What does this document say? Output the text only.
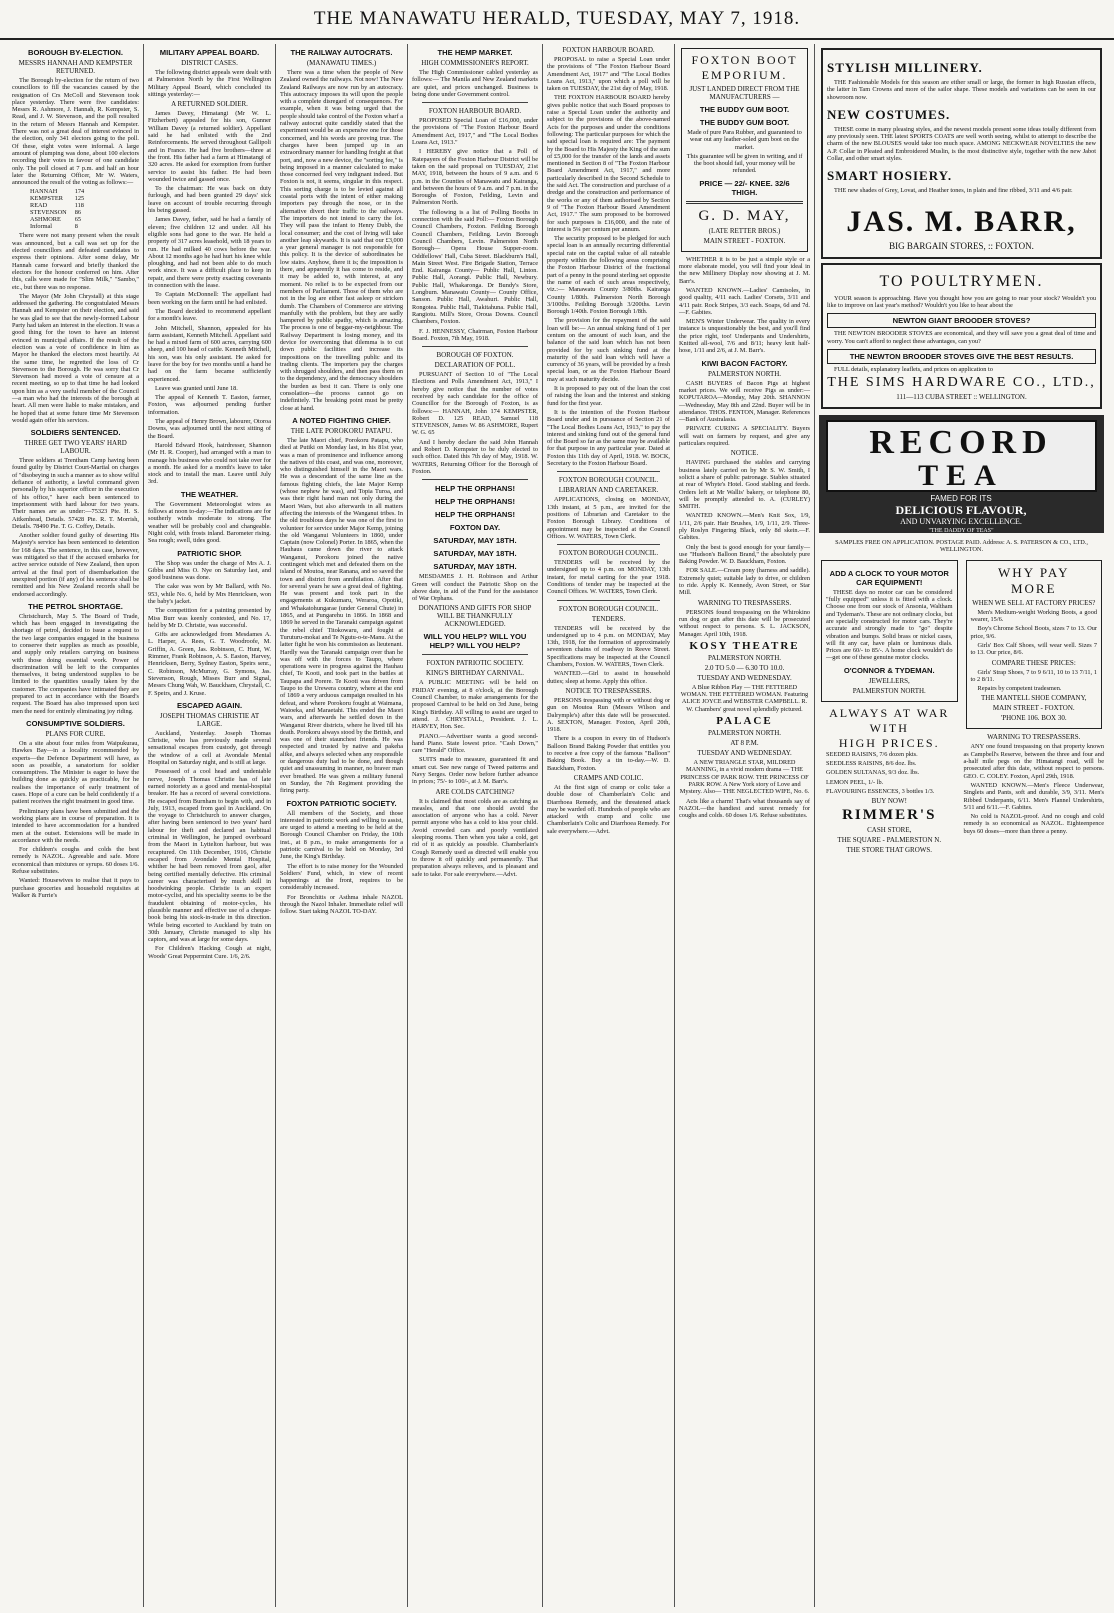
THE MANAWATU HERALD, TUESDAY, MAY 7, 1918.
BOROUGH BY-ELECTION.
MESSRS HANNAH AND KEMPSTER RETURNED.

The Borough by-election for the return of two councillors to fill the vacancies caused by the resignation of Crs McColl and Stevenson took place yesterday. There were five candidates: Messrs R. Ashmore, J. Hannah, R. Kempster, S. Read, and J. W. Stevenson, and the poll resulted in the return of Messrs Hannah and Kempster. There was not a great deal of interest evinced in the election, only 341 electors going to the poll. Of these, eight votes were informal. A large amount of plumping was done, about 100 electors recording their votes in favour of one candidate only. The poll closed at 7 p.m. and half an hour later the Returning Officer, Mr W. Waters, announced the result of the voting as follows:—

HANNAH	174
KEMPSTER	125
READ	118
STEVENSON	86
ASHMORE	65
Informal	8

There were not many present when the result was announced, but a call was set up for the elected councillors and defeated candidates to express their opinions. After some delay, Mr Hannah came forward and briefly thanked the electors for the honour conferred on him. After this, calls were made for "Slim Milk," "Sambo," etc., but there was no response.

The Mayor (Mr John Chrystall) at this stage addressed the gathering. He congratulated Messrs Hannah and Kempster on their election, and said he was glad to see that the newly-formed Labour Party had taken an interest in the election. It was a good thing for the town to have an interest evinced in municipal affairs. If the result of the election was a vote of confidence in him as Mayor he thanked the electors most heartily. At the same time, he regretted the loss of Cr Stevenson to the Borough. He was sorry that Cr Stevenson had moved a vote of censure at a recent meeting, so up to that time he had looked upon him as a very useful member of the Council—a man who had the interests of the borough at heart. All men were liable to make mistakes, and he hoped that at some future time Mr Stevenson would again offer his services.

SOLDIERS SENTENCED.
THREE GET TWO YEARS' HARD LABOUR.

Three soldiers at Trentham Camp having been found guilty by District Court-Martial on charges of "disobeying in such a manner as to show wilful defiance of authority, a lawful command given personally by his superior officer in the execution of his office," have each been sentenced to imprisonment with hard labour for two years. Their names are as under:—75323 Pte. H. S. Aitkenhead, Details. 57428 Pte. R. T. Morrish, Details. 78490 Pte. T. G. Coffey, Details.

Another soldier found guilty of deserting His Majesty's service has been sentenced to detention for 168 days. The sentence, in this case, however, was mitigated so that if the accused embarks for active service outside of New Zealand, then upon arrival at the final port of disembarkation the unexpired portion (if any) of his sentence shall be remitted and his New Zealand records shall be endorsed accordingly.

THE PETROL SHORTAGE.

Christchurch, May 5. The Board of Trade, which has been engaged in investigating the shortage of petrol, decided to issue a request to the two large companies engaged in the business to conserve their supplies as much as possible, and supply only retailers carrying on business with those doing essential work. Power of discrimination will be left to the companies themselves, it being understood supplies to be limited to the quantities usually taken by the customer. The companies have intimated they are prepared to act in accordance with the Board's request. The Board has also impressed upon taxi men the need for entirely eliminating joy riding.

CONSUMPTIVE SOLDIERS.
PLANS FOR CURE.

On a site about four miles from Waipukurau, Hawkes Bay—in a locality recommended by experts—the Defence Department will have, as soon as possible, a sanatorium for soldier consumptives. The Minister is eager to have the building done as quickly as practicable, for he realises the importance of early treatment of cases. Hope of a cure can be held confidently if a patient receives the right treatment in good time.

Preliminary plans have been submitted and the working plans are in course of preparation. It is intended to have accommodation for a hundred men at the outset. Extensions will be made in accordance with the needs.

For children's coughs and colds the best remedy is NAZOL. Agreeable and safe. More economical than mixtures or syrups. 60 doses 1/6. Refuse substitutes.

Wanted: Housewives to realise that it pays to purchase groceries and household requisites at Walker & Furrie's

MILITARY APPEAL BOARD.
DISTRICT CASES.

The following district appeals were dealt with at Palmerston North by the First Wellington Military Appeal Board, which concluded its sittings yesterday:—

A RETURNED SOLDIER.

James Davey, Himatangi (Mr W. L. Fitzherbert) appealed for his son, Gunner William Davey (a returned soldier). Appellant said he had enlisted with the 2nd Reinforcements. He served throughout Gallipoli and in France. He had five brothers—three at the front. His father had a farm at Himatangi of 320 acres. He asked for exemption from further service to assist his father. He had been wounded twice and gassed once.

To the chairman: He was back on duty furlough, and had been granted 29 days' sick leave on account of trouble recurring through his being gassed.

James Davey, father, said he had a family of eleven; five children 12 and under. All his eligible sons had gone to the war. He held a property of 317 acres leasehold, with 18 years to run. He had milked 40 cows before the war. About 12 months ago he had hurt his knee while ploughing, and had not been able to do much work since. It was a difficult place to keep in repair, and there were pretty exacting covenants in connection with the lease.

To Captain McDonnell: The appellant had been working on the farm until he had enlisted.

The Board decided to recommend appellant for a month's leave.

John Mitchell, Shannon, appealed for his farm assistant, Kenneth Mitchell. Appellant said he had a mixed farm of 600 acres, carrying 600 sheep, and 100 head of cattle. Kenneth Mitchell, his son, was his only assistant. He asked for leave for the boy for two months until a hand he had on the farm became sufficiently experienced.

Leave was granted until June 18.

The appeal of Kenneth T. Easton, farmer, Foxton, was adjourned pending further information.

The appeal of Henry Brown, labourer, Otoroa Downs, was adjourned until the next sitting of the Board.

Harold Edward Hook, hairdresser, Shannon (Mr H. R. Cooper), had arranged with a man to manage his business who could not take over for a month. He asked for a month's leave to take stock and to install the man. Leave until July 3rd.

THE WEATHER.

The Government Meteorologist wires as follows at noon to-day:—The indications are for southerly winds moderate to strong. The weather will be probably cool and changeable. Night cold, with frosts inland. Barometer rising. Sea rough; swell, tides good.

PATRIOTIC SHOP.

The Shop was under the charge of Mrs A. J. Gibbs and Miss O. Nye on Saturday last, and good business was done.

The cake was won by Mr Ballard, with No. 953, while No. 6, held by Mrs Henricksen, won the baby's jacket.

The competition for a painting presented by Miss Burr was keenly contested, and No. 17, held by Mr D. Christie, was successful.

Gifts are acknowledged from Mesdames A. L. Harper, A. Rees, G. T. Woodroofe, M. Griffin, A. Green, Jas. Robinson, C. Hunt, W. Rimmer, Frank Robinson, A. S. Easton, Harvey, Henricksen, Berry, Sydney Easton, Speirs senr., C. Robinson, McMurray, G. Symons, Jas. Stevenson, Rough, Misses Burr and Signal, Messrs Chung Wah, W. Bauckham, Chrystall, C. F. Speirs, and J. Kruse.

ESCAPED AGAIN.
JOSEPH THOMAS CHRISTIE AT LARGE.

Auckland, Yesterday. Joseph Thomas Christie, who has previously made several sensational escapes from custody, got through the window of a cell at Avondale Mental Hospital on Saturday night, and is still at large.

Possessed of a cool head and undeniable nerve, Joseph Thomas Christie has of late earned notoriety as a good and mental-hospital breaker. He has a record of several convictions. He escaped from Burnham to begin with, and in July, 1913, escaped from gaol in Auckland. On the voyage to Christchurch to answer charges, after having been sentenced to two years' hard labour for theft and declared an habitual criminal in Wellington, he jumped overboard from the Maori in Lyttelton harbour, but was recaptured. On 11th December, 1916, Christie escaped from Avondale Mental Hospital, whither he had been removed from gaol, after being certified mentally defective. His criminal career was characterised by much skill in hoodwinking people. Christie is an expert motor-cyclist, and his speciality seems to be the fraudulent obtaining of motor-cycles, his plausible manner and effective use of a cheque-book being his stock-in-trade in this direction. While being escorted to Auckland by train on 30th January, Christie managed to slip his captors, and was at large for some days.

For Children's Hacking Cough at night, Woods' Great Peppermint Cure. 1/6, 2/6.

THE RAILWAY AUTOCRATS.
(MANAWATU TIMES.)

There was a time when the people of New Zealand owned the railways. Not now! The New Zealand Railways are now run by an autocracy. This autocracy imposes its will upon the people with a complete disregard of consequences. For example, when it was being urged that the people should take control of the Foxton wharf a railway autocrat quite candidly stated that the experiment would be an expensive one for those concerned, and his words are proving true. The charges have been jumped up in an extraordinary manner for handling freight at that port, and, now a new device, the "sorting fee," is being imposed in a manner calculated to make those concerned feel very indignant indeed. But Foxton is not, it seems, singular in this respect. This sorting charge is to be levied against all coastal ports with the intent of either making importers pay through the nose, or in the alternative divert their traffic to the railways. The importers do not intend to carry the lot. They will pass the infant to Henry Dubb, the local consumer; and the cost of living will take another leap skywards. It is said that our £3,000 a year general manager is not responsible for this policy. It is the device of subordinates he low stairs. Anyhow, there it is; the imposition is there, and apparently it has come to reside, and it may be added to, with interest, at any moment. No relief is to be expected from our members of Parliament. Those of them who are not in the log are either fast asleep or stricken dumb. The Chambers of Commerce are striving manfully with the problem, but they are sadly hampered by public apathy, which is amazing. The process is one of beggar-my-neighbour. The Railway Department is losing money, and its device for overcoming that dilemma is to cut down public facilities and increase its impositions on the travelling public and its trading clients. The importers pay the charges with shrugged shoulders, and then pass them on to the dependency, and the democracy shoulders the burden as best it can. There is only one consolation—the process cannot go on indefinitely. The breaking point must be pretty close at hand.

A NOTED FIGHTING CHIEF.
THE LATE POROKORU PATAPU.

The late Maori chief, Porokoru Patapu, who died at Putiki on Monday last, in his 81st year, was a man of prominence and influence among the natives of this coast, and was one, moreover, who distinguished himself in the Maori wars. He was a descendant of the same line as the famous fighting chiefs, the late Major Kemp (whose nephew he was), and Topia Turoa, and was their right hand man not only during the Maori Wars, but also afterwards in all matters affecting the interests of the Wanganui tribes. In the old troublous days he was one of the first to volunteer for service under Major Kemp, joining the old Wanganui Volunteers in 1860, under Captain (now Colonel) Porter. In 1865, when the Hauhaus came down the river to attack Wanganui, Porokoru joined the native contingent which met and defeated them on the island of Moutoa, near Ranana, and so saved the town and district from annihilation. After that for several years he saw a great deal of fighting. He was present and took part in the engagements at Kukumaru, Weraroa, Opotiki, and Whakatohungarae (under General Chute) in 1865, and at Pungarehu in 1866. In 1868 and 1869 he served in the Taranaki campaign against the rebel chief Titokowaru, and fought at Turuturu-mokai and Te Ngutu-o-te-Manu. At the latter fight he won his commission as lieutenant. Hardly was the Taranaki campaign over than he was off with the forces to Taupo, where operations were in progress against the Hauhau chief, Te Kooti, and took part in the battles at Taupapa and Porere. Te Kooti was driven from Taupo to the Urewera country, where at the end of 1869 a very arduous campaign resulted in his defeat, and where Porokoru fought at Waimana, Waioeka, and Maraetahi. This ended the Maori wars, and afterwards he settled down in the Wanganui River districts, where he lived till his death. Porokoru always stood by the British, and was one of their staunchest friends. He was respected and trusted by native and pakeha alike, and always selected when any responsible or dangerous duty had to be done, and though quiet and unassuming in manner, no braver man ever breathed. He was given a military funeral on Sunday, the 7th Regiment providing the firing party.

FOXTON PATRIOTIC SOCIETY.

All members of the Society, and those interested in patriotic work and willing to assist, are urged to attend a meeting to be held at the Borough Council Chamber on Friday, the 10th inst., at 8 p.m., to make arrangements for a patriotic carnival to be held on Monday, 3rd June, the King's Birthday.

The effort is to raise money for the Wounded Soldiers' Fund, which, in view of recent happenings at the front, requires to be considerably increased.

For Bronchitis or Asthma inhale NAZOL through the Nazol Inhaler. Immediate relief will follow. Start taking NAZOL TO-DAY.

THE HEMP MARKET.
HIGH COMMISSIONER'S REPORT.

The High Commissioner cabled yesterday as follows:— The Manila and New Zealand markets are quiet, and prices unchanged. Business is being done under Government control.

FOXTON HARBOUR BOARD.

PROPOSED Special Loan of £16,000, under the provisions of "The Foxton Harbour Board Amendment Act, 1917," and "The Local Bodies Loans Act, 1913."

I HEREBY give notice that a Poll of Ratepayers of the Foxton Harbour District will be taken on the said proposal on TUESDAY, 21st MAY, 1918, between the hours of 9 a.m. and 6 p.m. in the Counties of Manawatu and Kairanga, and between the hours of 9 a.m. and 7 p.m. in the Boroughs of Foxton, Feilding, Levin and Palmerston North.

The following is a list of Polling Booths in connection with the said Poll:— Foxton Borough Council Chambers, Foxton. Feilding Borough Council Chambers, Feilding. Levin Borough Council Chambers, Levin. Palmerston North Borough— Opera House Supper-room. Oddfellows' Hall, Cuba Street. Blackburn's Hall, Main Street West. Fire Brigade Station, Terrace End. Kairanga County— Public Hall, Linton. Public Hall, Aorangi. Public Hall, Newbury. Public Hall, Whakaronga. Dr Bundy's Store, Longburn. Manawatu County— County Office, Sanson. Public Hall, Awahuri. Public Hall, Rongotea. Public Hall, Tiakitahuna. Public Hall, Rangiotu. Mill's Store, Oroua Downs. Council Chambers, Foxton.

F. J. HENNESSY, Chairman, Foxton Harbour Board. Foxton, 7th May, 1918.

BOROUGH OF FOXTON.
DECLARATION OF POLL.

PURSUANT of Section 10 of "The Local Elections and Polls Amendment Act, 1913," I hereby give notice that the number of votes received by each candidate for the office of Councillor for the Borough of Foxton, is as follows:— HANNAH, John 174 KEMPSTER, Robert D. 125 READ, Samuel 118 STEVENSON, James W. 86 ASHMORE, Rupert W. G. 65

And I hereby declare the said John Hannah and Robert D. Kempster to be duly elected to such office. Dated this 7th day of May, 1918. W. WATERS, Returning Officer for the Borough of Foxton.

HELP THE ORPHANS!
HELP THE ORPHANS!
HELP THE ORPHANS!
FOXTON DAY.
SATURDAY, MAY 18TH.
SATURDAY, MAY 18TH.
SATURDAY, MAY 18TH.

MESDAMES J. H. Robinson and Arthur Green will conduct the Patriotic Shop on the above date, in aid of the Fund for the assistance of War Orphans.

DONATIONS AND GIFTS FOR SHOP WILL BE THANKFULLY ACKNOWLEDGED.
WILL YOU HELP? WILL YOU HELP? WILL YOU HELP?
FOXTON PATRIOTIC SOCIETY.
KING'S BIRTHDAY CARNIVAL.

A PUBLIC MEETING will be held on FRIDAY evening, at 8 o'clock, at the Borough Council Chamber, to make arrangements for the proposed Carnival to be held on 3rd June, being King's Birthday. All willing to assist are urged to attend. J. CHRYSTALL, President. J. L. HARVEY, Hon. Sec.

PIANO.—Advertiser wants a good second-hand Piano. State lowest price. "Cash Down," care "Herald" Office.

SUITS made to measure, guaranteed fit and smart cut. See new range of Tweed patterns and Navy Serges. Order now before further advance in prices; 75/- to 100/-, at J. M. Barr's.

ARE COLDS CATCHING?

It is claimed that most colds are as catching as measles, and that one should avoid the association of anyone who has a cold. Never permit anyone who has a cold to kiss your child. Avoid crowded cars and poorly ventilated sleeping rooms. Then when you take a cold, get rid of it as quickly as possible. Chamberlain's Cough Remedy used as directed will enable you to throw it off quickly and permanently. That preparation always relieves, and is pleasant and safe to take. For sale everywhere.—Advt.

FOXTON HARBOUR BOARD.

PROPOSAL to raise a Special Loan under the provisions of "The Foxton Harbour Board Amendment Act, 1917" and "The Local Bodies Loans Act, 1913," upon which a poll will be taken on TUESDAY, the 21st day of May, 1918.

THE FOXTON HARBOUR BOARD hereby gives public notice that such Board proposes to raise a Special Loan under the authority and subject to the provisions of the above-named Acts for the purposes and under the conditions following: The particular purposes for which the said special loan is required are: The payment by the Board to His Majesty the King of the sum of £5,000 for the transfer of the lands and assets mentioned in Section 8 of "The Foxton Harbour Board Amendment Act, 1917," and more particularly described in the Second Schedule to the said Act. The construction and purchase of a dredge and the construction and performance of the works or any of them authorised by Section 9 of "The Foxton Harbour Board Amendment Act, 1917." The sum proposed to be borrowed for such purposes is £16,000, and the rate of interest is 5¼ per centum per annum.

The security proposed to be pledged for such special loan is an annually recurring differential special rate on the capital value of all rateable property within the following areas comprising the Foxton Harbour District of the fractional part of a penny in the pound sterling set opposite the name of each of such areas respectively, viz.:— Manawatu County 3/80ths. Kairanga County 1/80th. Palmerston North Borough 3/100ths. Feilding Borough 3/200ths. Levin Borough 1/40th. Foxton Borough 1/8th.

The provision for the repayment of the said loan will be:— An annual sinking fund of 1 per centum on the amount of such loan, and the balance of the said loan which has not been provided for by such sinking fund at the maturity of the said loan which will have a currency of 36 years, will be provided by a fresh special loan, or as the Foxton Harbour Board may at such maturity decide.

It is proposed to pay out of the loan the cost of raising the loan and the interest and sinking fund for the first year.

It is the intention of the Foxton Harbour Board under and in pursuance of Section 21 of "The Local Bodies Loans Act, 1913," to pay the interest and sinking fund out of the general fund of the Board so far as the same may be available for that purpose in any particular year. Dated at Foxton this 11th day of April, 1918. W. BOCK, Secretary to the Foxton Harbour Board.

FOXTON BOROUGH COUNCIL.
LIBRARIAN AND CARETAKER.

APPLICATIONS, closing on MONDAY, 13th instant, at 5 p.m., are invited for the positions of Librarian and Caretaker to the Foxton Borough Library. Conditions of appointment may be inspected at the Council Offices. W. WATERS, Town Clerk.

FOXTON BOROUGH COUNCIL.

TENDERS will be received by the undersigned up to 4 p.m. on MONDAY, 13th instant, for metal carting for the year 1918. Conditions of tender may be inspected at the Council Offices. W. WATERS, Town Clerk.

FOXTON BOROUGH COUNCIL.
TENDERS.

TENDERS will be received by the undersigned up to 4 p.m. on MONDAY, May 13th, 1918, for the formation of approximately seventeen chains of roadway in Reeve Street. Specifications may be inspected at the Council Chambers, Foxton. W. WATERS, Town Clerk.

WANTED.—Girl to assist in household duties; sleep at home. Apply this office.

NOTICE TO TRESPASSERS.

PERSONS trespassing with or without dog or gun on Moutoa Run (Messrs Wilson and Dalrymple's) after this date will be prosecuted. A. SEXTON, Manager. Foxton, April 20th, 1918.

There is a coupon in every tin of Hudson's Balloon Brand Baking Powder that entitles you to receive a free copy of the famous "Balloon" Baking Book. Buy a tin to-day.—W. D. Bauckham, Foxton.

CRAMPS AND COLIC.

At the first sign of cramp or colic take a double dose of Chamberlain's Colic and Diarrhoea Remedy, and the threatened attack may be warded off. Hundreds of people who are attacked with cramp and colic use Chamberlain's Colic and Diarrhoea Remedy. For sale everywhere.—Advt.

FOXTON BOOT
EMPORIUM.
JUST LANDED DIRECT FROM THE MANUFACTURERS —
THE BUDDY GUM BOOT.
THE BUDDY GUM BOOT.

Made of pure Para Rubber, and guaranteed to wear out any leather-soled gum boot on the market.

This guarantee will be given in writing, and if the boot should fail, your money will be refunded.

PRICE — 22/- KNEE. 32/6 THIGH.
G. D. MAY,
(LATE RETTER BROS.)
MAIN STREET - FOXTON.

WHETHER it is to be just a simple style or a more elaborate model, you will find your ideal in the new Millinery Display now showing at J. M. Barr's.

WANTED KNOWN.—Ladies' Camisoles, in good quality, 4/11 each. Ladies' Corsets, 3/11 and 4/11 pair. Rock Stripes, 3/3 each. Soaps, 6d and 7d.—F. Gabites.

MEN'S Winter Underwear. The quality in every instance is unquestionably the best, and you'll find the price right, too! Underpants and Undershirts, Knitted all-wool, 7/6 and 8/11; heavy knit half-hose, 1/11 and 2/6, at J. M. Barr's.

KIWI BACON FACTORY.
PALMERSTON NORTH.

CASH BUYERS of Bacon Pigs at highest market prices. We will receive Pigs as under:— KOPUTAROA—Monday, May 20th. SHANNON—Wednesday, May 8th and 22nd. Buyer will be in attendance. THOS. FENTON, Manager. References—Bank of Australasia.

PRIVATE CURING A SPECIALITY. Buyers will wait on farmers by request, and give any particulars required.

NOTICE.

HAVING purchased the stables and carrying business lately carried on by Mr S. W. Smith, I solicit a share of public patronage. Stables situated at rear of Whyte's Hotel. Good stabling and feeds. Orders left at Mr Wallis' bakery, or telephone 80, will be promptly attended to. A. (CURLEY) SMITH.

WANTED KNOWN.—Men's Knit Sox, 1/9, 1/11, 2/6 pair. Hair Brushes, 1/9, 1/11, 2/9. Three-ply Roslyn Fingering Black, only 8d skein.—F. Gabites.

Only the best is good enough for your family—use "Hudson's Balloon Brand," the absolutely pure Baking Powder. W. D. Bauckham, Foxton.

FOR SALE.—Cream pony (harness and saddle). Extremely quiet; suitable lady to drive, or children to ride. Apply K. Kennedy, Avon Street, or Star Mill.

WARNING TO TRESPASSERS.

PERSONS found trespassing on the Whirokino run dog or gun after this date will be prosecuted without respect to persons. S. L. JACKSON, Manager. April 10th, 1918.

KOSY THEATRE
PALMERSTON NORTH.
2.0 TO 5.0 — 6.30 TO 10.0.
TUESDAY AND WEDNESDAY.

A Blue Ribbon Play — THE FETTERED WOMAN. THE FETTERED WOMAN. Featuring ALICE JOYCE and WEBSTER CAMPBELL. R. W. Chambers' great novel splendidly pictured.

PALACE
PALMERSTON NORTH.
AT 8 P.M.
TUESDAY AND WEDNESDAY.

A NEW TRIANGLE STAR, MILDRED MANNING, in a vivid modern drama — THE PRINCESS OF PARK ROW. THE PRINCESS OF PARK ROW. A New York story of Love and Mystery. Also— THE NEGLECTED WIFE, No. 6.

Acts like a charm! That's what thousands say of NAZOL—the handiest and surest remedy for coughs and colds. 60 doses 1/6. Refuse substitutes.

STYLISH MILLINERY.

THE Fashionable Models for this season are either small or large, the former in high Russian effects, the latter in Tam Crowns and more of the sailor shape. These models and variations can be seen in our showroom now.

NEW COSTUMES.

THESE come in many pleasing styles, and the newest models present some ideas totally different from any previously seen. THE latest SPORTS COATS are well worth seeing, whilst to attempt to describe the charm of the new BLOUSES would take too much space. AMONG NECKWEAR NOVELTIES the new A.P. Collar in Pleated and Embroidered Muslin, is the most distinctive style, together with the new Jabot Collar, and other smart styles.

SMART HOSIERY.

THE new shades of Grey, Lovat, and Heather tones, in plain and fine ribbed, 3/11 and 4/6 pair.

JAS. M. BARR,
BIG BARGAIN STORES, :: FOXTON.
TO POULTRYMEN.

YOUR season is approaching. Have you thought how you are going to rear your stock? Wouldn't you like to improve on last year's method? Wouldn't you like to hear about the

NEWTON GIANT BROODER STOVES?

THE NEWTON BROODER STOVES are economical, and they will save you a great deal of time and worry. You can't afford to neglect these advantages, can you?

THE NEWTON BROODER STOVES GIVE THE BEST RESULTS.

FULL details, explanatory leaflets, and prices on application to

THE SIMS HARDWARE CO., LTD.,
111—113 CUBA STREET :: WELLINGTON.
RECORD
TEA
FAMED FOR ITS
DELICIOUS FLAVOUR,
AND UNVARYING EXCELLENCE.
"THE DADDY OF TEAS"

SAMPLES FREE ON APPLICATION. POSTAGE PAID. Address: A. S. PATERSON & CO., LTD., WELLINGTON.

ADD A CLOCK TO YOUR MOTOR CAR EQUIPMENT!

THESE days no motor car can be considered "fully equipped" unless it is fitted with a clock. Choose one from our stock of Ansonia, Waltham and Tydeman's. These are not ordinary clocks, but are specially constructed for motor cars. They're accurate and strongly made to "go" despite vibration and bumps. Solid brass or nickel cases, will fit any car, have plain or luminous dials. Prices are 60/- to 85/-. A home clock wouldn't do—get one of these genuine motor clocks.

O'CONNOR & TYDEMAN.
JEWELLERS,
PALMERSTON NORTH.
ALWAYS AT WAR
WITH
HIGH PRICES.

SEEDED RAISINS, 7/6 dozen pkts.

SEEDLESS RAISINS, 8/6 doz. lbs.

GOLDEN SULTANAS, 9/3 doz. lbs.

LEMON PEEL, 1/- lb.

FLAVOURING ESSENCES, 3 bottles 1/3.

BUY NOW!
RIMMER'S
CASH STORE,
THE SQUARE - PALMERSTON N.
THE STORE THAT GROWS.
WHY PAY
MORE
WHEN WE SELL AT FACTORY PRICES?

Men's Medium-weight Working Boots, a good wearer, 15/6.

Boy's Chrome School Boots, sizes 7 to 13. Our price, 9/6.

Girls' Box Calf Shoes, will wear well. Sizes 7 to 13. Our price, 8/6.

COMPARE THESE PRICES:

Girls' Strap Shoes, 7 to 9 6/11, 10 to 13 7/11, 1 to 2 8/11.

Repairs by competent tradesmen.

THE MANTELL SHOE COMPANY,
MAIN STREET - FOXTON.
'PHONE 106. BOX 30.
WARNING TO TRESPASSERS.

ANY one found trespassing on that property known as Campbell's Reserve, between the three and four and a-half mile pegs on the Himatangi road, will be prosecuted after this date, without respect to persons. GEO. C. COLEY. Foxton, April 29th, 1918.

WANTED KNOWN.—Men's Fleece Underwear, Singlets and Pants, soft and durable, 3/9, 3/11. Men's Ribbed Underpants, 6/11. Men's Flannel Undershirts, 5/11 and 6/11.—F. Gabites.

No cold is NAZOL-proof. And no cough and cold remedy is so economical as NAZOL. Eighteenpence buys 60 doses—more than three a penny.
